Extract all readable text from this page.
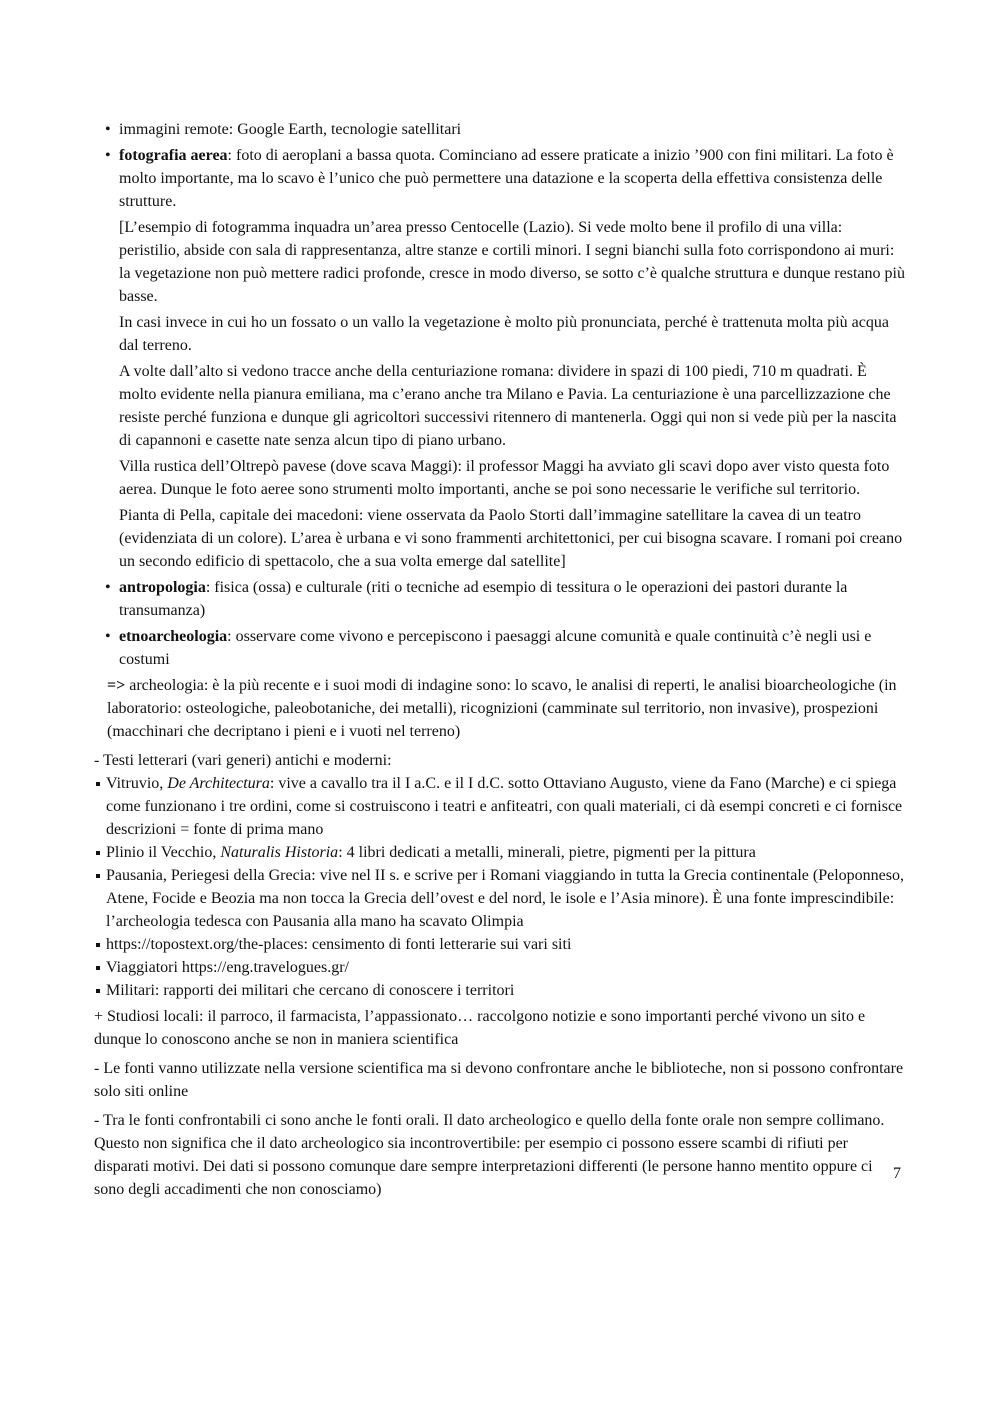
• immagini remote: Google Earth, tecnologie satellitari
• fotografia aerea: foto di aeroplani a bassa quota. Cominciano ad essere praticate a inizio ’900 con fini militari. La foto è molto importante, ma lo scavo è l’unico che può permettere una datazione e la scoperta della effettiva consistenza delle strutture.
[L’esempio di fotogramma inquadra un’area presso Centocelle (Lazio). Si vede molto bene il profilo di una villa: peristilio, abside con sala di rappresentanza, altre stanze e cortili minori. I segni bianchi sulla foto corrispondono ai muri: la vegetazione non può mettere radici profonde, cresce in modo diverso, se sotto c’è qualche struttura e dunque restano più basse.
In casi invece in cui ho un fossato o un vallo la vegetazione è molto più pronunciata, perché è trattenuta molta più acqua dal terreno.
A volte dall’alto si vedono tracce anche della centuriazione romana: dividere in spazi di 100 piedi, 710 m quadrati. È molto evidente nella pianura emiliana, ma c’erano anche tra Milano e Pavia. La centuriazione è una parcellizzazione che resiste perché funziona e dunque gli agricoltori successivi ritennero di mantenerla. Oggi qui non si vede più per la nascita di capannoni e casette nate senza alcun tipo di piano urbano.
Villa rustica dell’Oltrepò pavese (dove scava Maggi): il professor Maggi ha avviato gli scavi dopo aver visto questa foto aerea. Dunque le foto aeree sono strumenti molto importanti, anche se poi sono necessarie le verifiche sul territorio.
Pianta di Pella, capitale dei macedoni: viene osservata da Paolo Storti dall’immagine satellitare la cavea di un teatro (evidenziata di un colore). L’area è urbana e vi sono frammenti architettonici, per cui bisogna scavare. I romani poi creano un secondo edificio di spettacolo, che a sua volta emerge dal satellite]
• antropologia: fisica (ossa) e culturale (riti o tecniche ad esempio di tessitura o le operazioni dei pastori durante la transumanza)
• etnoarcheologia: osservare come vivono e percepiscono i paesaggi alcune comunità e quale continuità c’è negli usi e costumi
=> archeologia: è la più recente e i suoi modi di indagine sono: lo scavo, le analisi di reperti, le analisi bioarcheologiche (in laboratorio: osteologiche, paleobotaniche, dei metalli), ricognizioni (camminate sul territorio, non invasive), prospezioni (macchinari che decriptano i pieni e i vuoti nel terreno)
- Testi letterari (vari generi) antichi e moderni:
Vitruvio, De Architectura: vive a cavallo tra il I a.C. e il I d.C. sotto Ottaviano Augusto, viene da Fano (Marche) e ci spiega come funzionano i tre ordini, come si costruiscono i teatri e anfiteatri, con quali materiali, ci dà esempi concreti e ci fornisce descrizioni = fonte di prima mano
Plinio il Vecchio, Naturalis Historia: 4 libri dedicati a metalli, minerali, pietre, pigmenti per la pittura
Pausania, Periegesi della Grecia: vive nel II s. e scrive per i Romani viaggiando in tutta la Grecia continentale (Peloponneso, Atene, Focide e Beozia ma non tocca la Grecia dell’ovest e del nord, le isole e l’Asia minore). È una fonte imprescindibile: l’archeologia tedesca con Pausania alla mano ha scavato Olimpia
https://topostext.org/the-places: censimento di fonti letterarie sui vari siti
Viaggiatori https://eng.travelogues.gr/
Militari: rapporti dei militari che cercano di conoscere i territori
+ Studiosi locali: il parroco, il farmacista, l’appassionato… raccolgono notizie e sono importanti perché vivono un sito e dunque lo conoscono anche se non in maniera scientifica
- Le fonti vanno utilizzate nella versione scientifica ma si devono confrontare anche le biblioteche, non si possono confrontare solo siti online
- Tra le fonti confrontabili ci sono anche le fonti orali. Il dato archeologico e quello della fonte orale non sempre collimano. Questo non significa che il dato archeologico sia incontrovertibile: per esempio ci possono essere scambi di rifiuti per disparati motivi. Dei dati si possono comunque dare sempre interpretazioni differenti (le persone hanno mentito oppure ci sono degli accadimenti che non conosciamo)
7
